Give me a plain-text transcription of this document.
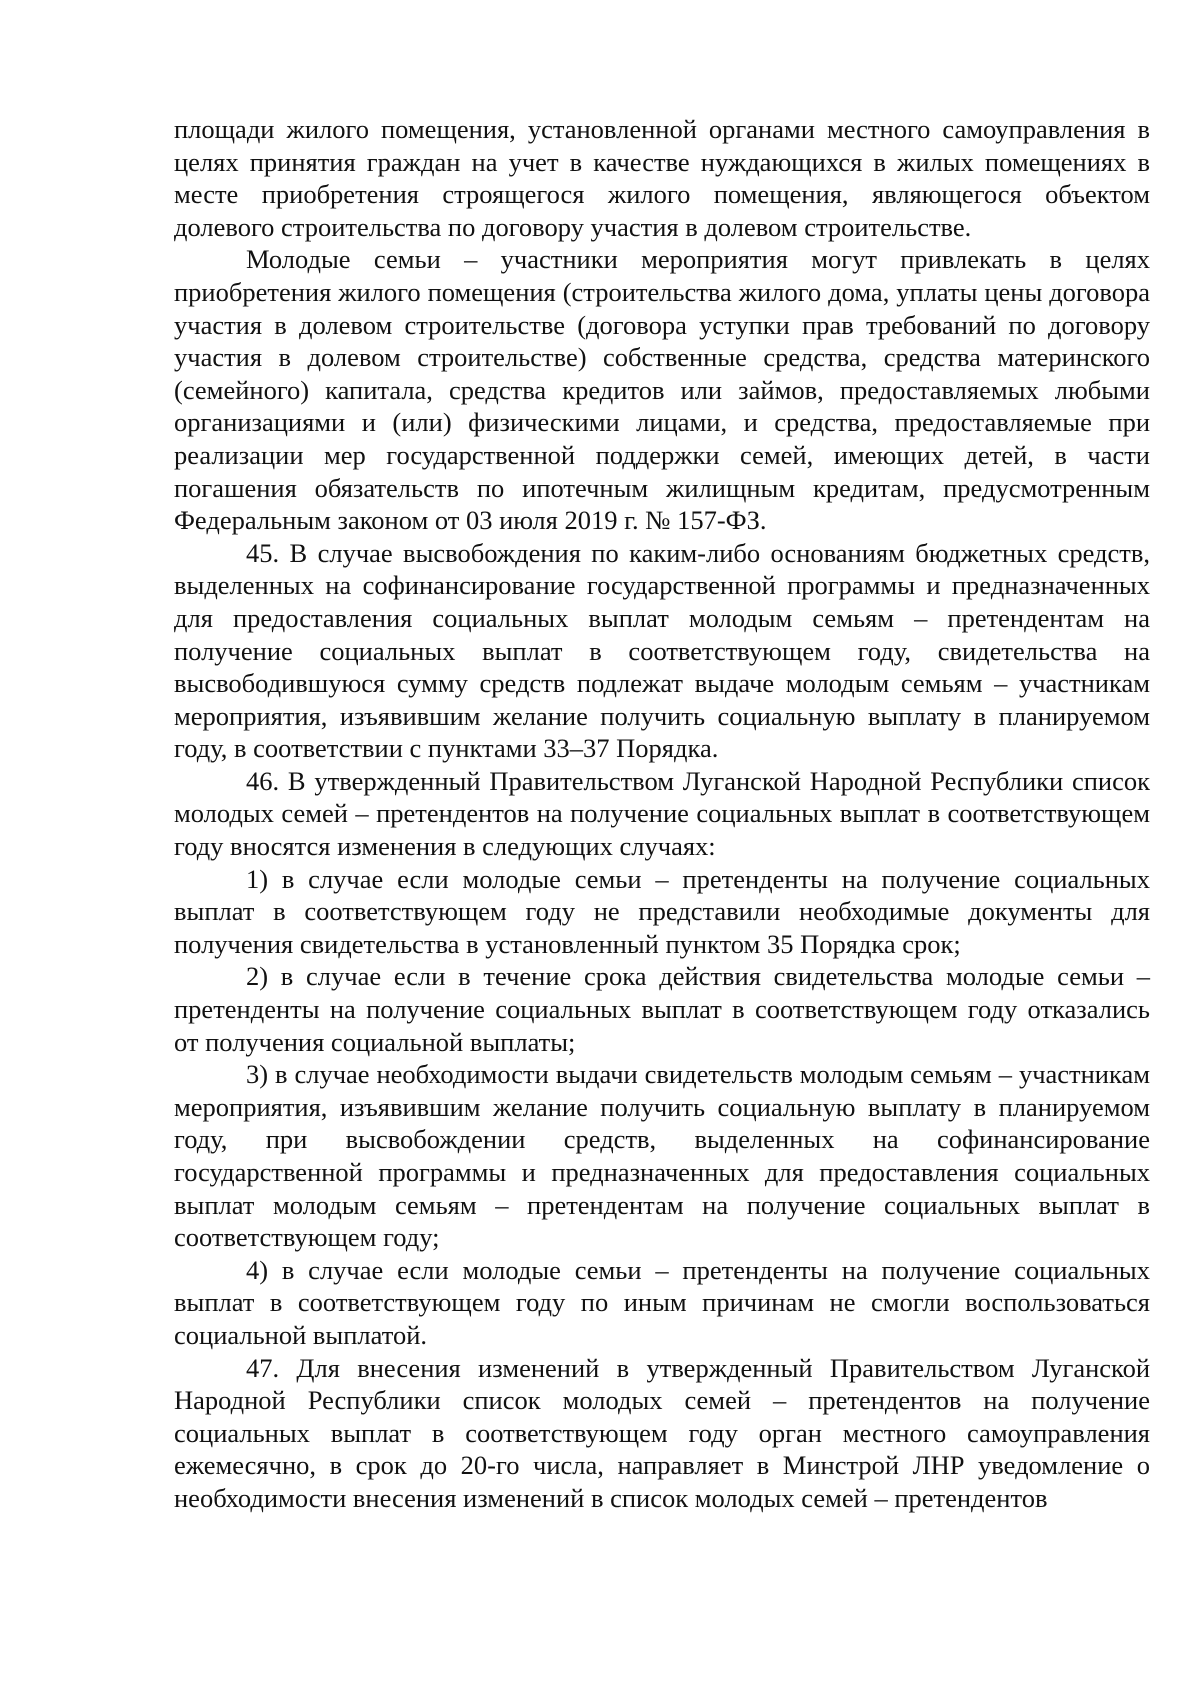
площади жилого помещения, установленной органами местного самоуправления в целях принятия граждан на учет в качестве нуждающихся в жилых помещениях в месте приобретения строящегося жилого помещения, являющегося объектом долевого строительства по договору участия в долевом строительстве.

Молодые семьи – участники мероприятия могут привлекать в целях приобретения жилого помещения (строительства жилого дома, уплаты цены договора участия в долевом строительстве (договора уступки прав требований по договору участия в долевом строительстве) собственные средства, средства материнского (семейного) капитала, средства кредитов или займов, предоставляемых любыми организациями и (или) физическими лицами, и средства, предоставляемые при реализации мер государственной поддержки семей, имеющих детей, в части погашения обязательств по ипотечным жилищным кредитам, предусмотренным Федеральным законом от 03 июля 2019 г. № 157-ФЗ.

45. В случае высвобождения по каким-либо основаниям бюджетных средств, выделенных на софинансирование государственной программы и предназначенных для предоставления социальных выплат молодым семьям – претендентам на получение социальных выплат в соответствующем году, свидетельства на высвободившуюся сумму средств подлежат выдаче молодым семьям – участникам мероприятия, изъявившим желание получить социальную выплату в планируемом году, в соответствии с пунктами 33–37 Порядка.

46. В утвержденный Правительством Луганской Народной Республики список молодых семей – претендентов на получение социальных выплат в соответствующем году вносятся изменения в следующих случаях:

1) в случае если молодые семьи – претенденты на получение социальных выплат в соответствующем году не представили необходимые документы для получения свидетельства в установленный пунктом 35 Порядка срок;

2) в случае если в течение срока действия свидетельства молодые семьи – претенденты на получение социальных выплат в соответствующем году отказались от получения социальной выплаты;

3) в случае необходимости выдачи свидетельств молодым семьям – участникам мероприятия, изъявившим желание получить социальную выплату в планируемом году, при высвобождении средств, выделенных на софинансирование государственной программы и предназначенных для предоставления социальных выплат молодым семьям – претендентам на получение социальных выплат в соответствующем году;

4) в случае если молодые семьи – претенденты на получение социальных выплат в соответствующем году по иным причинам не смогли воспользоваться социальной выплатой.

47. Для внесения изменений в утвержденный Правительством Луганской Народной Республики список молодых семей – претендентов на получение социальных выплат в соответствующем году орган местного самоуправления ежемесячно, в срок до 20-го числа, направляет в Минстрой ЛНР уведомление о необходимости внесения изменений в список молодых семей – претендентов
